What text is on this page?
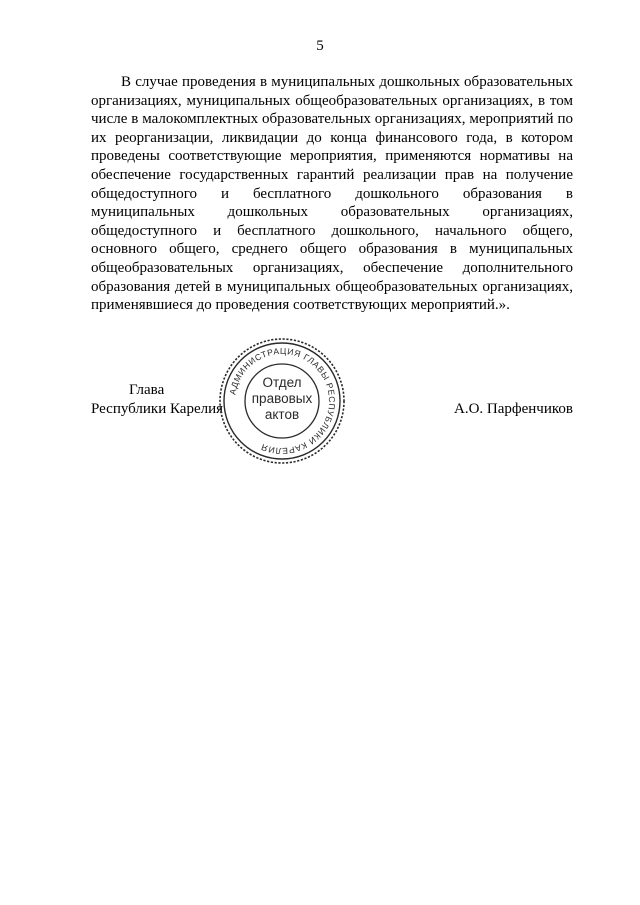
5

В случае проведения в муниципальных дошкольных образовательных организациях, муниципальных общеобразовательных организациях, в том числе в малокомплектных образовательных организациях, мероприятий по их реорганизации, ликвидации до конца финансового года, в котором проведены соответствующие мероприятия, применяются нормативы на обеспечение государственных гарантий реализации прав на получение общедоступного и бесплатного дошкольного образования в муниципальных дошкольных образовательных организациях, общедоступного и бесплатного дошкольного, начального общего, основного общего, среднего общего образования в муниципальных общеобразовательных организациях, обеспечение дополнительного образования детей в муниципальных общеобразовательных организациях, применявшиеся до проведения соответствующих мероприятий.».

Глава
Республики Карелия
АДМИНИСТРАЦИЯ ГЛАВЫ РЕСПУБЛИКИ КАРЕЛИЯ
Отдел
правовых
актов	А.О. Парфенчиков
